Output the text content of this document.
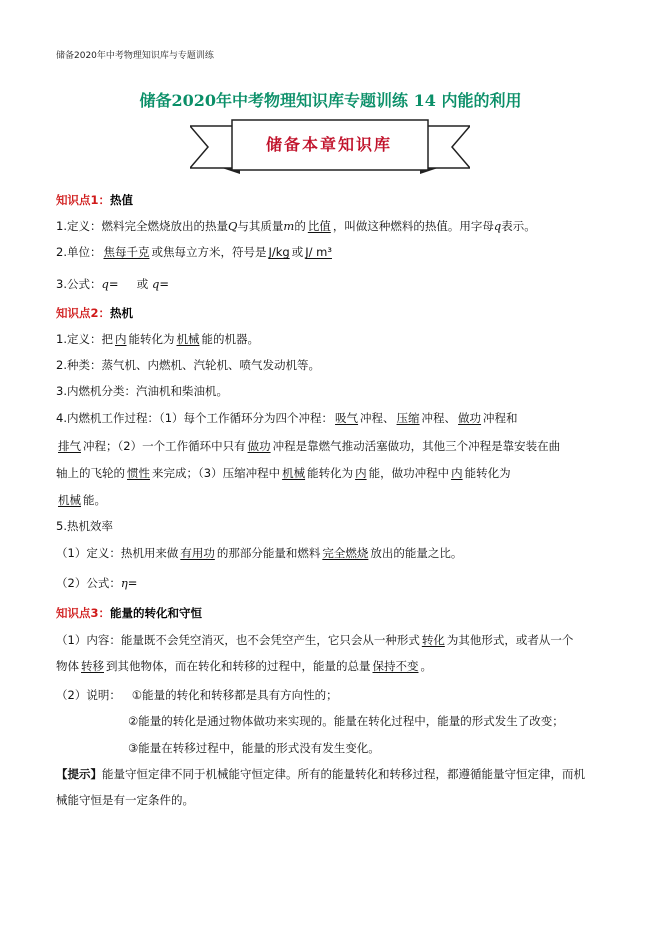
储备2020年中考物理知识库与专题训练
储备2020年中考物理知识库专题训练 14 内能的利用
储备本章知识库
知识点1：热值
1.定义：燃料完全燃烧放出的热量Q与其质量m的 比值 ，叫做这种燃料的热值。用字母q表示。
2.单位： 焦每千克 或焦每立方米，符号是 J/kg 或 J/ m³
3.公式：q= 或 q=
知识点2：热机
1.定义：把 内 能转化为 机械 能的机器。
2.种类：蒸气机、内燃机、汽轮机、喷气发动机等。
3.内燃机分类：汽油机和柴油机。
4.内燃机工作过程：（1）每个工作循环分为四个冲程： 吸气 冲程、 压缩 冲程、 做功 冲程和
排气 冲程；（2）一个工作循环中只有 做功 冲程是靠燃气推动活塞做功，其他三个冲程是靠安装在曲
轴上的飞轮的 惯性 来完成；（3）压缩冲程中 机械 能转化为 内 能，做功冲程中 内 能转化为
机械 能。
5.热机效率
（1）定义：热机用来做 有用功 的那部分能量和燃料 完全燃烧 放出的能量之比。
（2）公式：η=
知识点3：能量的转化和守恒
（1）内容：能量既不会凭空消灭，也不会凭空产生，它只会从一种形式 转化 为其他形式，或者从一个
物体 转移 到其他物体，而在转化和转移的过程中，能量的总量 保持不变 。
（2）说明： ①能量的转化和转移都是具有方向性的；
②能量的转化是通过物体做功来实现的。能量在转化过程中，能量的形式发生了改变；
③能量在转移过程中，能量的形式没有发生变化。
【提示】能量守恒定律不同于机械能守恒定律。所有的能量转化和转移过程，都遵循能量守恒定律，而机
械能守恒是有一定条件的。
